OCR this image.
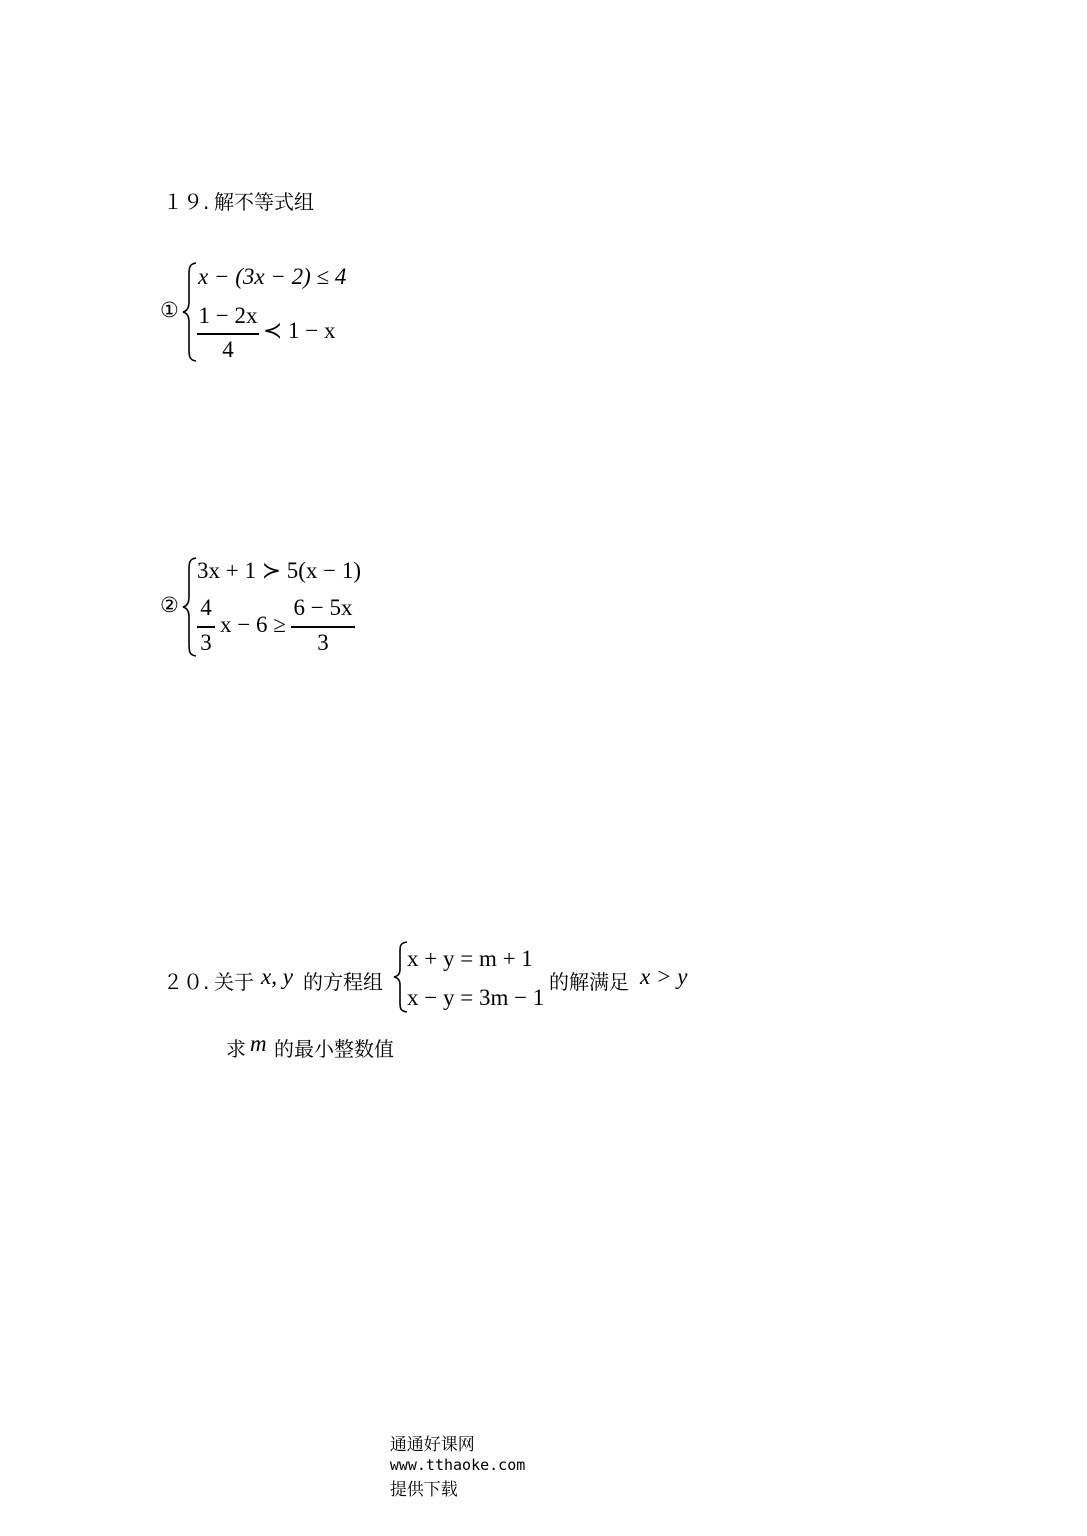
１９. 解不等式组
①
x − (3x − 2) ≤ 4
1 − 2x
4
≺ 1 − x
②
3x + 1 ≻ 5(x − 1)
4
3
x − 6 ≥
6 − 5x
3
２０. 关于 x, y 的方程组
x + y = m + 1
x − y = 3m − 1
的解满足 x > y
求 m 的最小整数值

通通好课网
www.tthaoke.com
提供下载
